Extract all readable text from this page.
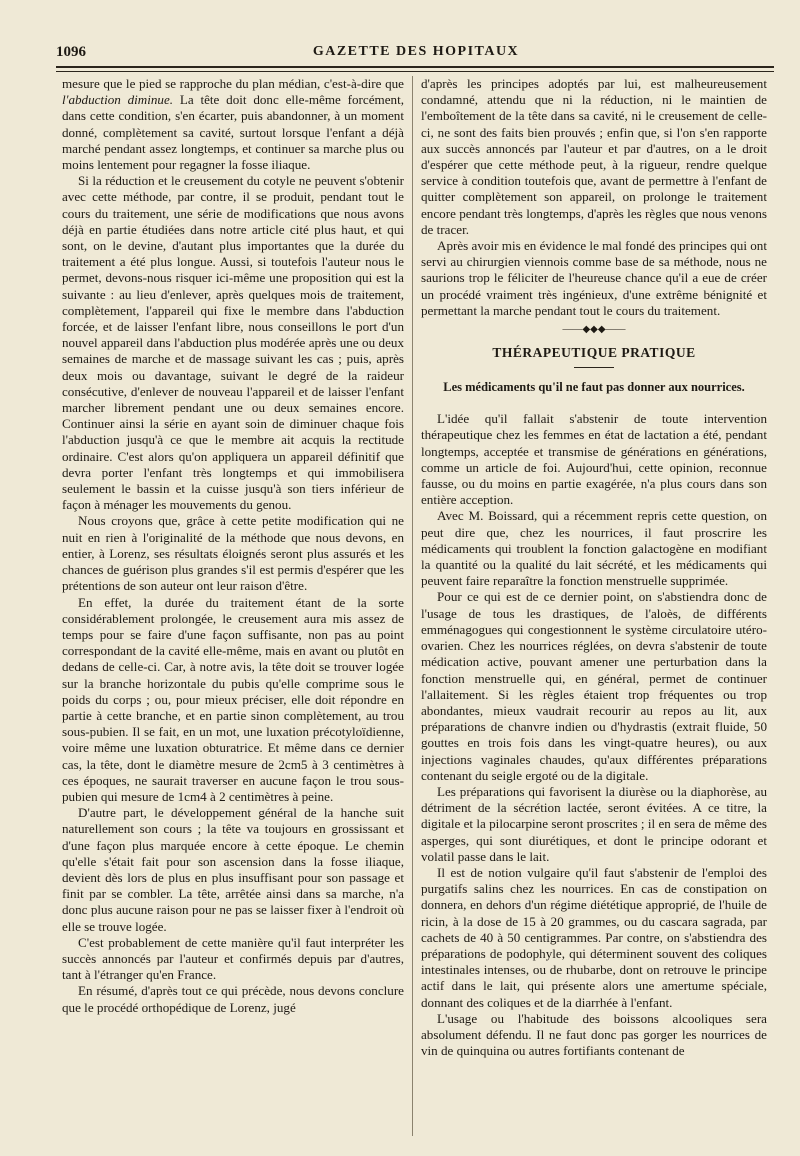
1096	GAZETTE DES HOPITAUX

mesure que le pied se rapproche du plan médian, c'est-à-dire que l'abduction diminue. La tête doit donc elle-même forcément, dans cette condition, s'en écarter, puis abandonner, à un moment donné, complètement sa cavité, surtout lorsque l'enfant a déjà marché pendant assez longtemps, et continuer sa marche plus ou moins lentement pour regagner la fosse iliaque.

Si la réduction et le creusement du cotyle ne peuvent s'obtenir avec cette méthode, par contre, il se produit, pendant tout le cours du traitement, une série de modifications que nous avons déjà en partie étudiées dans notre article cité plus haut, et qui sont, on le devine, d'autant plus importantes que la durée du traitement a été plus longue. Aussi, si toutefois l'auteur nous le permet, devons-nous risquer ici-même une proposition qui est la suivante : au lieu d'enlever, après quelques mois de traitement, complètement, l'appareil qui fixe le membre dans l'abduction forcée, et de laisser l'enfant libre, nous conseillons le port d'un nouvel appareil dans l'abduction plus modérée après une ou deux semaines de marche et de massage suivant les cas ; puis, après deux mois ou davantage, suivant le degré de la raideur consécutive, d'enlever de nouveau l'appareil et de laisser l'enfant marcher librement pendant une ou deux semaines encore. Continuer ainsi la série en ayant soin de diminuer chaque fois l'abduction jusqu'à ce que le membre ait acquis la rectitude ordinaire. C'est alors qu'on appliquera un appareil définitif que devra porter l'enfant très longtemps et qui immobilisera seulement le bassin et la cuisse jusqu'à son tiers inférieur de façon à ménager les mouvements du genou.

Nous croyons que, grâce à cette petite modification qui ne nuit en rien à l'originalité de la méthode que nous devons, en entier, à Lorenz, ses résultats éloignés seront plus assurés et les chances de guérison plus grandes s'il est permis d'espérer que les prétentions de son auteur ont leur raison d'être.

En effet, la durée du traitement étant de la sorte considérablement prolongée, le creusement aura mis assez de temps pour se faire d'une façon suffisante, non pas au point correspondant de la cavité elle-même, mais en avant ou plutôt en dedans de celle-ci. Car, à notre avis, la tête doit se trouver logée sur la branche horizontale du pubis qu'elle comprime sous le poids du corps ; ou, pour mieux préciser, elle doit répondre en partie à cette branche, et en partie sinon complètement, au trou sous-pubien. Il se fait, en un mot, une luxation précotyloïdienne, voire même une luxation obturatrice. Et même dans ce dernier cas, la tête, dont le diamètre mesure de 2cm5 à 3 centimètres à ces époques, ne saurait traverser en aucune façon le trou sous-pubien qui mesure de 1cm4 à 2 centimètres à peine.

D'autre part, le développement général de la hanche suit naturellement son cours ; la tête va toujours en grossissant et d'une façon plus marquée encore à cette époque. Le chemin qu'elle s'était fait pour son ascension dans la fosse iliaque, devient dès lors de plus en plus insuffisant pour son passage et finit par se combler. La tête, arrêtée ainsi dans sa marche, n'a donc plus aucune raison pour ne pas se laisser fixer à l'endroit où elle se trouve logée.

C'est probablement de cette manière qu'il faut interpréter les succès annoncés par l'auteur et confirmés depuis par d'autres, tant à l'étranger qu'en France.

En résumé, d'après tout ce qui précède, nous devons conclure que le procédé orthopédique de Lorenz, jugé

d'après les principes adoptés par lui, est malheureusement condamné, attendu que ni la réduction, ni le maintien de l'emboîtement de la tête dans sa cavité, ni le creusement de celle-ci, ne sont des faits bien prouvés ; enfin que, si l'on s'en rapporte aux succès annoncés par l'auteur et par d'autres, on a le droit d'espérer que cette méthode peut, à la rigueur, rendre quelque service à condition toutefois que, avant de permettre à l'enfant de quitter complètement son appareil, on prolonge le traitement encore pendant très longtemps, d'après les règles que nous venons de tracer.

Après avoir mis en évidence le mal fondé des principes qui ont servi au chirurgien viennois comme base de sa méthode, nous ne saurions trop le féliciter de l'heureuse chance qu'il a eue de créer un procédé vraiment très ingénieux, d'une extrême bénignité et permettant la marche pendant tout le cours du traitement.

——◆◆◆——
THÉRAPEUTIQUE PRATIQUE
Les médicaments qu'il ne faut pas donner aux nourrices.

L'idée qu'il fallait s'abstenir de toute intervention thérapeutique chez les femmes en état de lactation a été, pendant longtemps, acceptée et transmise de générations en générations, comme un article de foi. Aujourd'hui, cette opinion, reconnue fausse, ou du moins en partie exagérée, n'a plus cours dans son entière acception.

Avec M. Boissard, qui a récemment repris cette question, on peut dire que, chez les nourrices, il faut proscrire les médicaments qui troublent la fonction galactogène en modifiant la quantité ou la qualité du lait sécrété, et les médicaments qui peuvent faire reparaître la fonction menstruelle supprimée.

Pour ce qui est de ce dernier point, on s'abstiendra donc de l'usage de tous les drastiques, de l'aloès, de différents emménagogues qui congestionnent le système circulatoire utéro-ovarien. Chez les nourrices réglées, on devra s'abstenir de toute médication active, pouvant amener une perturbation dans la fonction menstruelle qui, en général, permet de continuer l'allaitement. Si les règles étaient trop fréquentes ou trop abondantes, mieux vaudrait recourir au repos au lit, aux préparations de chanvre indien ou d'hydrastis (extrait fluide, 50 gouttes en trois fois dans les vingt-quatre heures), ou aux injections vaginales chaudes, qu'aux différentes préparations contenant du seigle ergoté ou de la digitale.

Les préparations qui favorisent la diurèse ou la diaphorèse, au détriment de la sécrétion lactée, seront évitées. A ce titre, la digitale et la pilocarpine seront proscrites ; il en sera de même des asperges, qui sont diurétiques, et dont le principe odorant et volatil passe dans le lait.

Il est de notion vulgaire qu'il faut s'abstenir de l'emploi des purgatifs salins chez les nourrices. En cas de constipation on donnera, en dehors d'un régime diététique approprié, de l'huile de ricin, à la dose de 15 à 20 grammes, ou du cascara sagrada, par cachets de 40 à 50 centigrammes. Par contre, on s'abstiendra des préparations de podophyle, qui déterminent souvent des coliques intestinales intenses, ou de rhubarbe, dont on retrouve le principe actif dans le lait, qui présente alors une amertume spéciale, donnant des coliques et de la diarrhée à l'enfant.

L'usage ou l'habitude des boissons alcooliques sera absolument défendu. Il ne faut donc pas gorger les nourrices de vin de quinquina ou autres fortifiants contenant de
